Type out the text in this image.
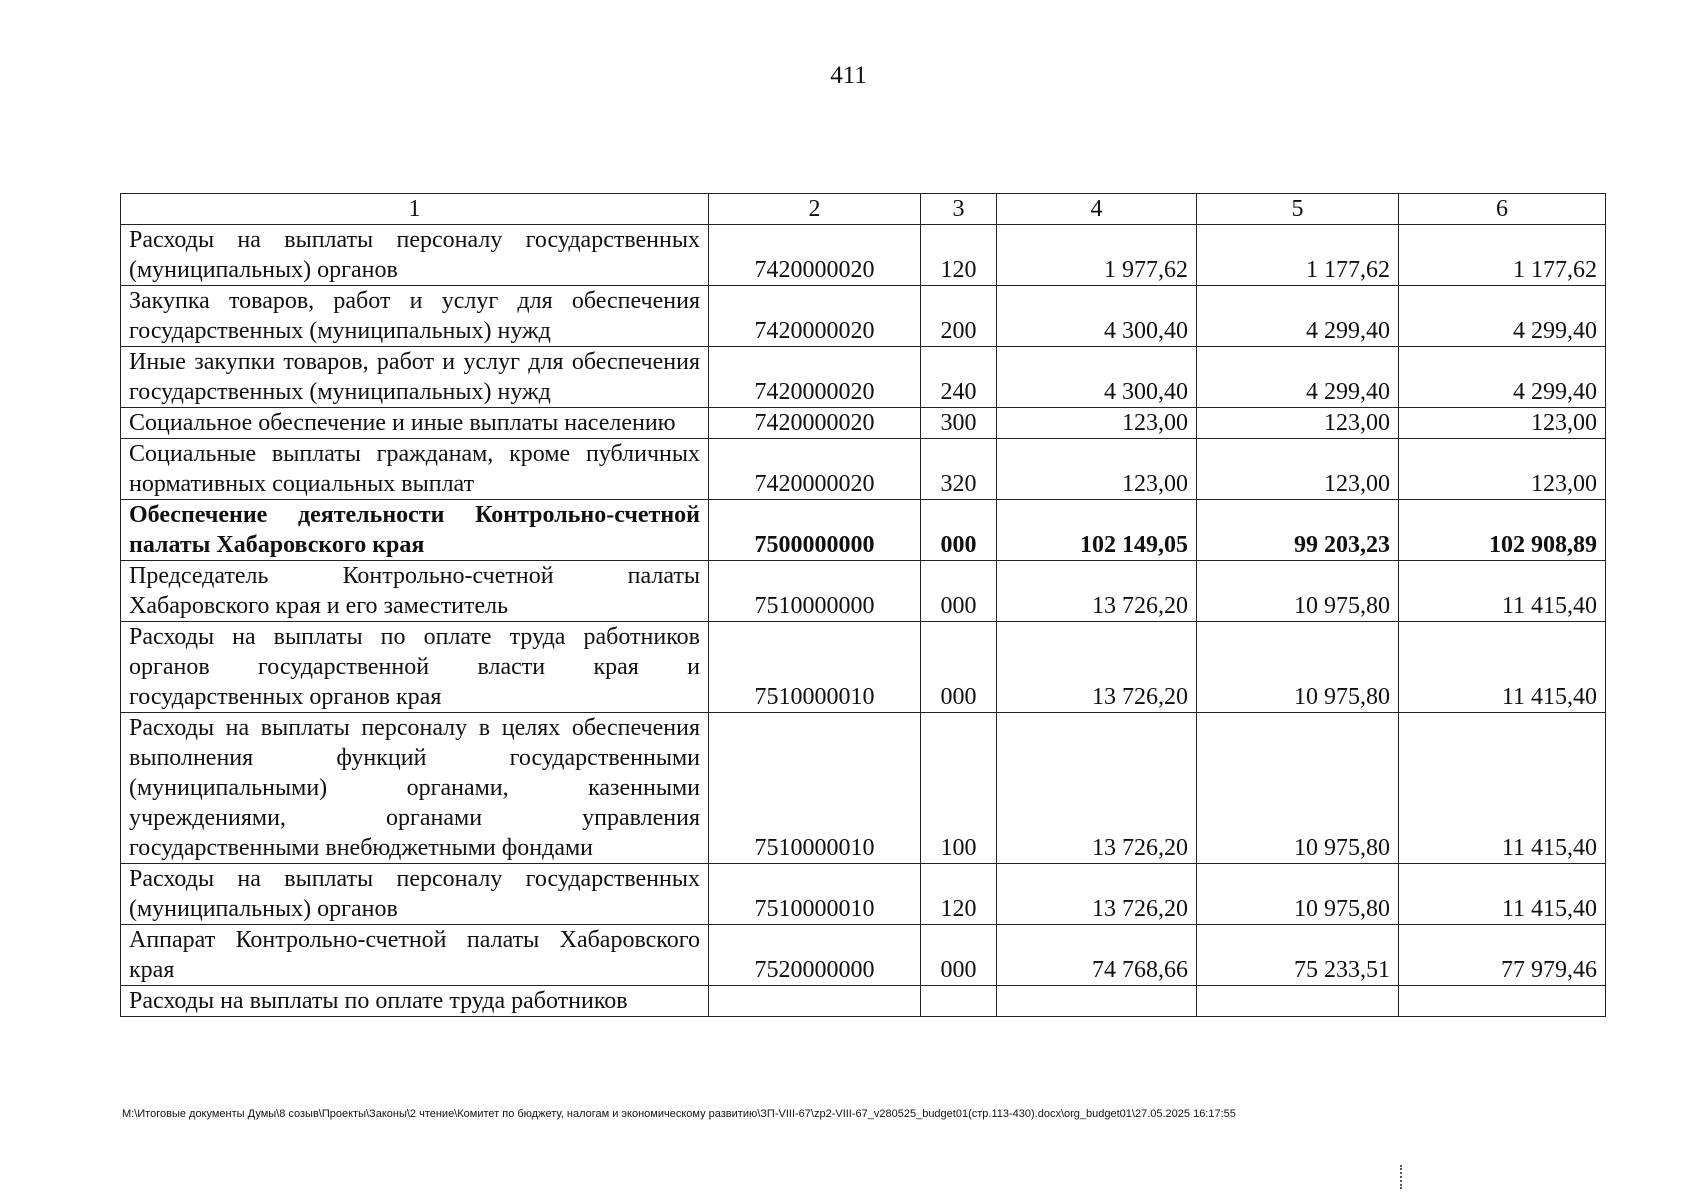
411
1	2	3	4	5	6
Расходы на выплаты персоналу государственных (муниципальных) органов	7420000020	120	1 977,62	1 177,62	1 177,62
Закупка товаров, работ и услуг для обеспечения государственных (муниципальных) нужд	7420000020	200	4 300,40	4 299,40	4 299,40
Иные закупки товаров, работ и услуг для обеспечения государственных (муниципальных) нужд	7420000020	240	4 300,40	4 299,40	4 299,40
Социальное обеспечение и иные выплаты населению	7420000020	300	123,00	123,00	123,00
Социальные выплаты гражданам, кроме публичных нормативных социальных выплат	7420000020	320	123,00	123,00	123,00
Обеспечение деятельности Контрольно-счетной палаты Хабаровского края	7500000000	000	102 149,05	99 203,23	102 908,89
Председатель Контрольно-счетной палаты Хабаровского края и его заместитель	7510000000	000	13 726,20	10 975,80	11 415,40
Расходы на выплаты по оплате труда работников органов государственной власти края и государственных органов края	7510000010	000	13 726,20	10 975,80	11 415,40
Расходы на выплаты персоналу в целях обеспечения выполнения функций государственными (муниципальными) органами, казенными учреждениями, органами управления государственными внебюджетными фондами	7510000010	100	13 726,20	10 975,80	11 415,40
Расходы на выплаты персоналу государственных (муниципальных) органов	7510000010	120	13 726,20	10 975,80	11 415,40
Аппарат Контрольно-счетной палаты Хабаровского края	7520000000	000	74 768,66	75 233,51	77 979,46
Расходы на выплаты по оплате труда работников					
M:\Итоговые документы Думы\8 созыв\Проекты\Законы\2 чтение\Комитет по бюджету, налогам и экономическому развитию\ЗП-VIII-67\zp2-VIII-67_v280525_budget01(стр.113-430).docx\org_budget01\27.05.2025 16:17:55
